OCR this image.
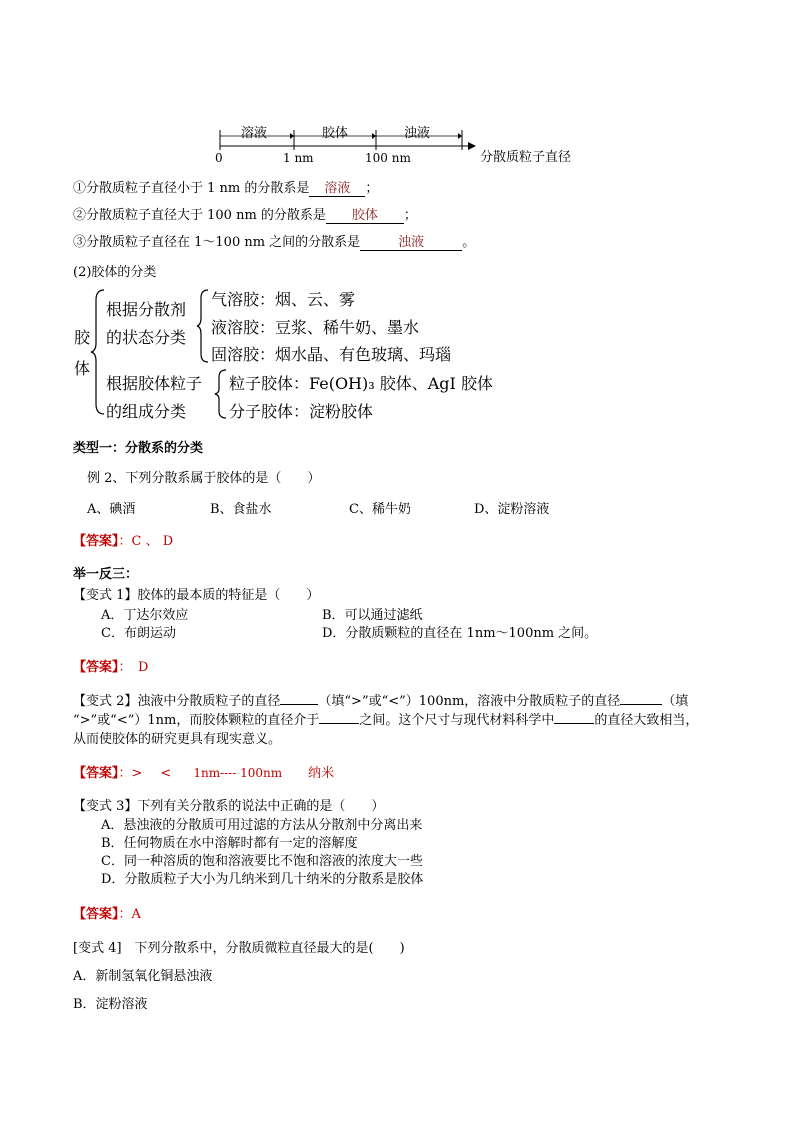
溶液	胶体	浊液
0	1 nm	100 nm	分散质粒子直径
①分散质粒子直径小于 1 nm 的分散系是 溶液 ；
②分散质粒子直径大于 100 nm 的分散系是 胶体 ；
③分散质粒子直径在 1～100 nm 之间的分散系是	浊液	。
(2)胶体的分类
胶
体
根据分散剂
的状态分类
气溶胶：烟、云、雾
液溶胶：豆浆、稀牛奶、墨水
固溶胶：烟水晶、有色玻璃、玛瑙
根据胶体粒子
的组成分类
粒子胶体：Fe(OH)₃ 胶体、AgI 胶体
分子胶体：淀粉胶体
类型一：分散系的分类
例 2、下列分散系属于胶体的是（　　）
A、碘酒	B、食盐水	C、稀牛奶	D、淀粉溶液
【答案】：C 、 D
举一反三：
【变式 1】胶体的最本质的特征是（　　）
A．丁达尔效应	B．可以通过滤纸
C．布朗运动	D．分散质颗粒的直径在 1nm～100nm 之间。
【答案】：　D
【变式 2】浊液中分散质粒子的直径	（填“>”或“<”）100nm，溶液中分散质粒子的直径	（填
“>”或“<”）1nm，而胶体颗粒的直径介于	之间。这个尺寸与现代材料科学中	的直径大致相当，
从而使胶体的研究更具有现实意义。
【答案】：> < 1nm---- 100nm 纳米
【变式 3】下列有关分散系的说法中正确的是（　　）
A．悬浊液的分散质可用过滤的方法从分散剂中分离出来
B．任何物质在水中溶解时都有一定的溶解度
C．同一种溶质的饱和溶液要比不饱和溶液的浓度大一些
D．分散质粒子大小为几纳米到几十纳米的分散系是胶体
【答案】：A
[变式 4]　下列分散系中，分散质微粒直径最大的是(　　)
A．新制氢氧化铜悬浊液
B．淀粉溶液
